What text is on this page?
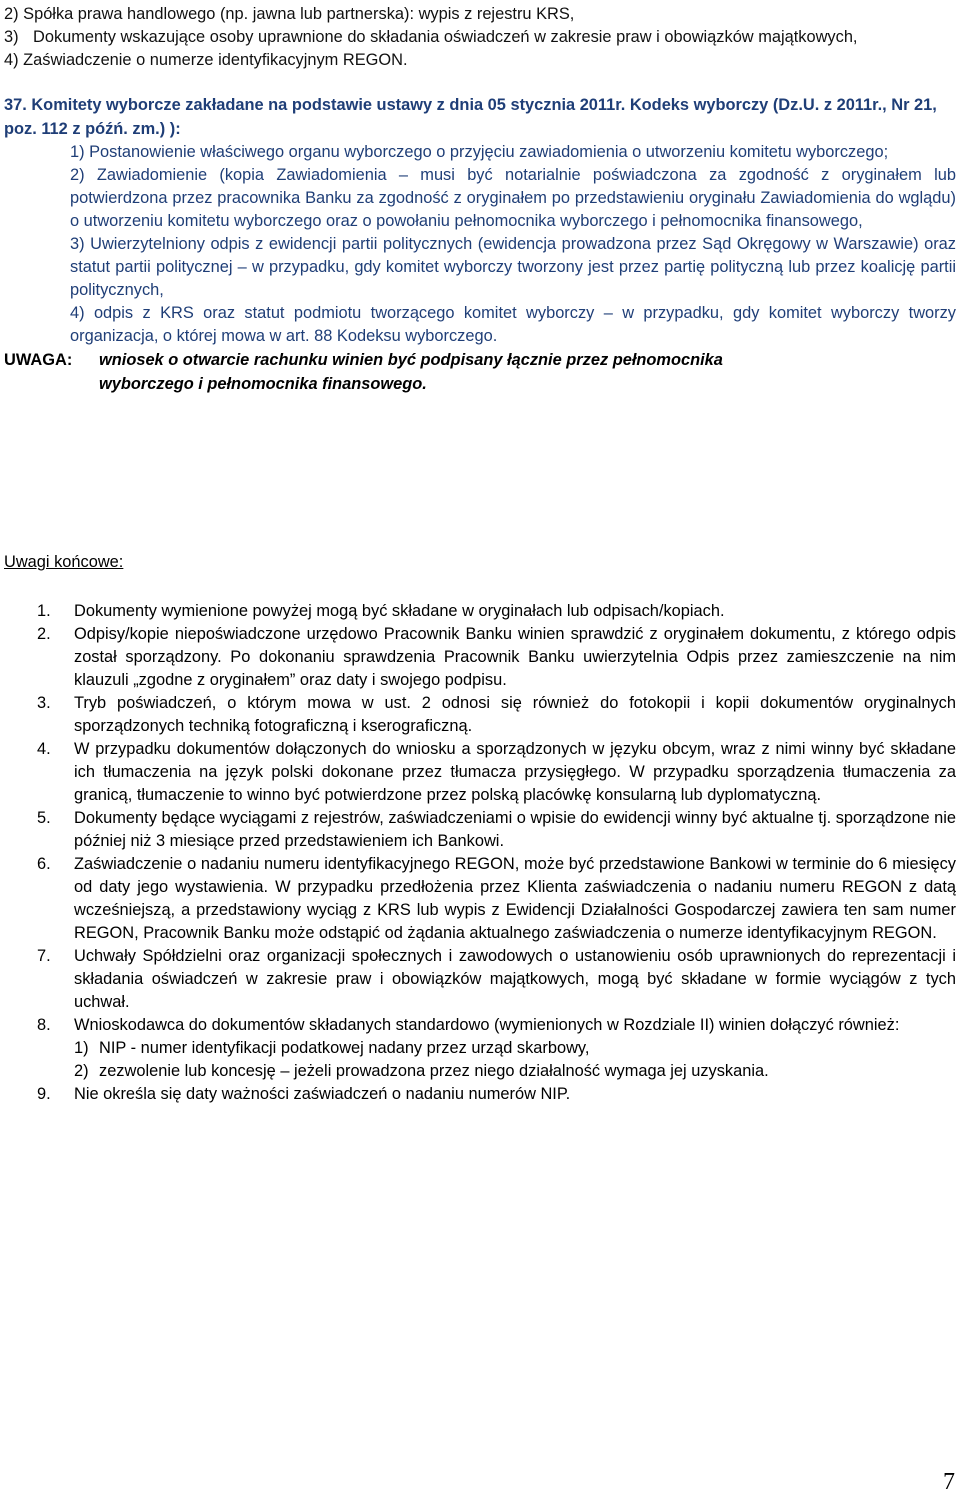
2) Spółka prawa handlowego (np. jawna lub partnerska): wypis z rejestru KRS,
3) Dokumenty wskazujące osoby uprawnione do składania oświadczeń w zakresie praw i obowiązków majątkowych,
4) Zaświadczenie o numerze identyfikacyjnym REGON.
37. Komitety wyborcze zakładane na podstawie ustawy z dnia 05 stycznia 2011r. Kodeks wyborczy (Dz.U. z 2011r., Nr 21, poz. 112 z późń. zm.) ):

1) Postanowienie właściwego organu wyborczego o przyjęciu zawiadomienia o utworzeniu komitetu wyborczego;

2) Zawiadomienie (kopia Zawiadomienia – musi być notarialnie poświadczona za zgodność z oryginałem lub potwierdzona przez pracownika Banku za zgodność z oryginałem po przedstawieniu oryginału Zawiadomienia do wglądu) o utworzeniu komitetu wyborczego oraz o powołaniu pełnomocnika wyborczego i pełnomocnika finansowego,

3) Uwierzytelniony odpis z ewidencji partii politycznych (ewidencja prowadzona przez Sąd Okręgowy w Warszawie) oraz statut partii politycznej – w przypadku, gdy komitet wyborczy tworzony jest przez partię polityczną lub przez koalicję partii politycznych,

4) odpis z KRS oraz statut podmiotu tworzącego komitet wyborczy – w przypadku, gdy komitet wyborczy tworzy organizacja, o której mowa w art. 88 Kodeksu wyborczego.

UWAGA: wniosek o otwarcie rachunku winien być podpisany łącznie przez pełnomocnika
wyborczego i pełnomocnika finansowego.
Uwagi końcowe:
1.	Dokumenty wymienione powyżej mogą być składane w oryginałach lub odpisach/kopiach.
2.	Odpisy/kopie niepoświadczone urzędowo Pracownik Banku winien sprawdzić z oryginałem dokumentu, z którego odpis został sporządzony. Po dokonaniu sprawdzenia Pracownik Banku uwierzytelnia Odpis przez zamieszczenie na nim klauzuli „zgodne z oryginałem” oraz daty i swojego podpisu.
3.	Tryb poświadczeń, o którym mowa w ust. 2 odnosi się również do fotokopii i kopii dokumentów oryginalnych sporządzonych techniką fotograficzną i kserograficzną.
4.	W przypadku dokumentów dołączonych do wniosku a sporządzonych w języku obcym, wraz z nimi winny być składane ich tłumaczenia na język polski dokonane przez tłumacza przysięgłego. W przypadku sporządzenia tłumaczenia za granicą, tłumaczenie to winno być potwierdzone przez polską placówkę konsularną lub dyplomatyczną.
5.	Dokumenty będące wyciągami z rejestrów, zaświadczeniami o wpisie do ewidencji winny być aktualne tj. sporządzone nie później niż 3 miesiące przed przedstawieniem ich Bankowi.
6.	Zaświadczenie o nadaniu numeru identyfikacyjnego REGON, może być przedstawione Bankowi w terminie do 6 miesięcy od daty jego wystawienia. W przypadku przedłożenia przez Klienta zaświadczenia o nadaniu numeru REGON z datą wcześniejszą, a przedstawiony wyciąg z KRS lub wypis z Ewidencji Działalności Gospodarczej zawiera ten sam numer REGON, Pracownik Banku może odstąpić od żądania aktualnego zaświadczenia o numerze identyfikacyjnym REGON.
7.	Uchwały Spółdzielni oraz organizacji społecznych i zawodowych o ustanowieniu osób uprawnionych do reprezentacji i składania oświadczeń w zakresie praw i obowiązków majątkowych, mogą być składane w formie wyciągów z tych uchwał.
8.	Wnioskodawca do dokumentów składanych standardowo (wymienionych w Rozdziale II) winien dołączyć również:
1) NIP - numer identyfikacji podatkowej nadany przez urząd skarbowy,
2) zezwolenie lub koncesję – jeżeli prowadzona przez niego działalność wymaga jej uzyskania.
9.	Nie określa się daty ważności zaświadczeń o nadaniu numerów NIP.
7
